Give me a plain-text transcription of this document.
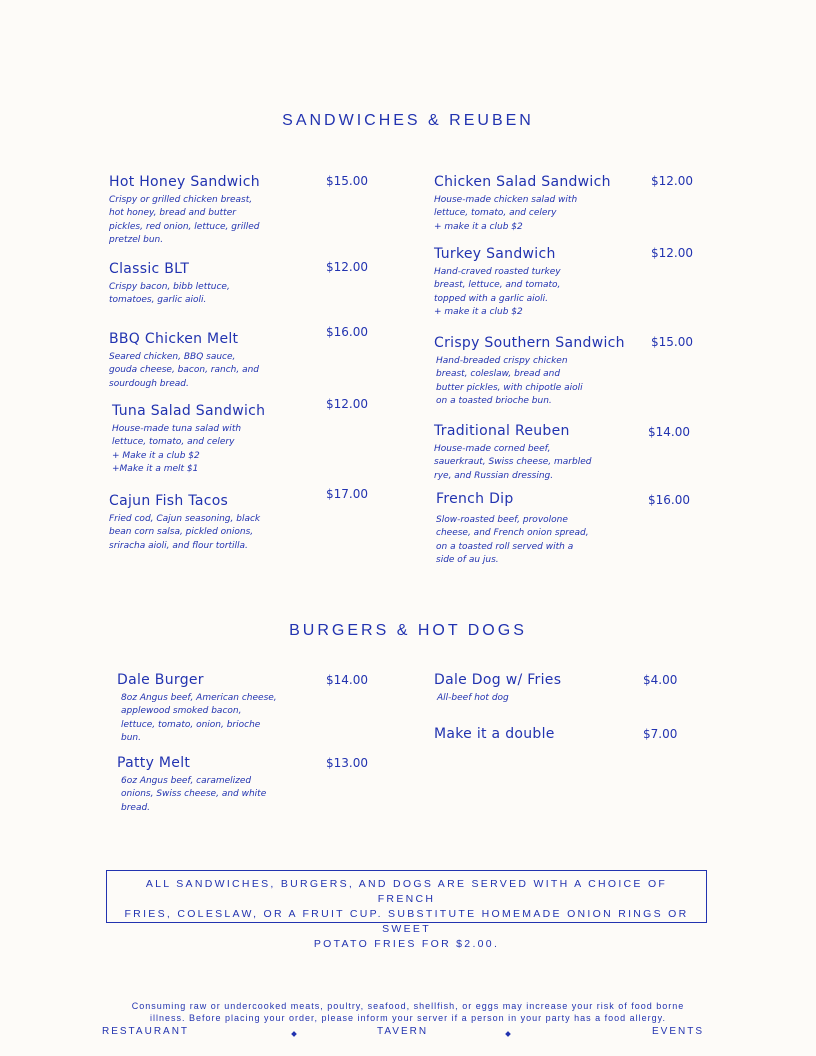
SANDWICHES & REUBEN
BURGERS & HOT DOGS
Hot Honey Sandwich
Crispy or grilled chicken breast,
hot honey, bread and butter
pickles, red onion, lettuce, grilled
pretzel bun.
$15.00
Classic BLT
Crispy bacon, bibb lettuce,
tomatoes, garlic aioli.
$12.00
BBQ Chicken Melt
Seared chicken, BBQ sauce,
gouda cheese, bacon, ranch, and
sourdough bread.
$16.00
Tuna Salad Sandwich
House-made tuna salad with
lettuce, tomato, and celery
+ Make it a club $2
+Make it a melt $1
$12.00
Cajun Fish Tacos
Fried cod, Cajun seasoning, black
bean corn salsa, pickled onions,
sriracha aioli, and flour tortilla.
$17.00
Chicken Salad Sandwich
House-made chicken salad with
lettuce, tomato, and celery
+ make it a club $2
$12.00
Turkey Sandwich
Hand-craved roasted turkey
breast, lettuce, and tomato,
topped with a garlic aioli.
+ make it a club $2
$12.00
Crispy Southern Sandwich
Hand-breaded crispy chicken
breast, coleslaw, bread and
butter pickles, with chipotle aioli
on a toasted brioche bun.
$15.00
Traditional Reuben
House-made corned beef,
sauerkraut, Swiss cheese, marbled
rye, and Russian dressing.
$14.00
French Dip
Slow-roasted beef, provolone
cheese, and French onion spread,
on a toasted roll served with a
side of au jus.
$16.00
Dale Burger
8oz Angus beef, American cheese,
applewood smoked bacon,
lettuce, tomato, onion, brioche
bun.
$14.00
Patty Melt
6oz Angus beef, caramelized
onions, Swiss cheese, and white
bread.
$13.00
Dale Dog w/ Fries
All-beef hot dog
$4.00
Make it a double	$7.00
ALL SANDWICHES, BURGERS, AND DOGS ARE SERVED WITH A CHOICE OF FRENCH
FRIES, COLESLAW, OR A FRUIT CUP. SUBSTITUTE HOMEMADE ONION RINGS OR SWEET
POTATO FRIES FOR $2.00.
Consuming raw or undercooked meats, poultry, seafood, shellfish, or eggs may increase your risk of food borne
illness. Before placing your order, please inform your server if a person in your party has a food allergy.
RESTAURANT	TAVERN	EVENTS
